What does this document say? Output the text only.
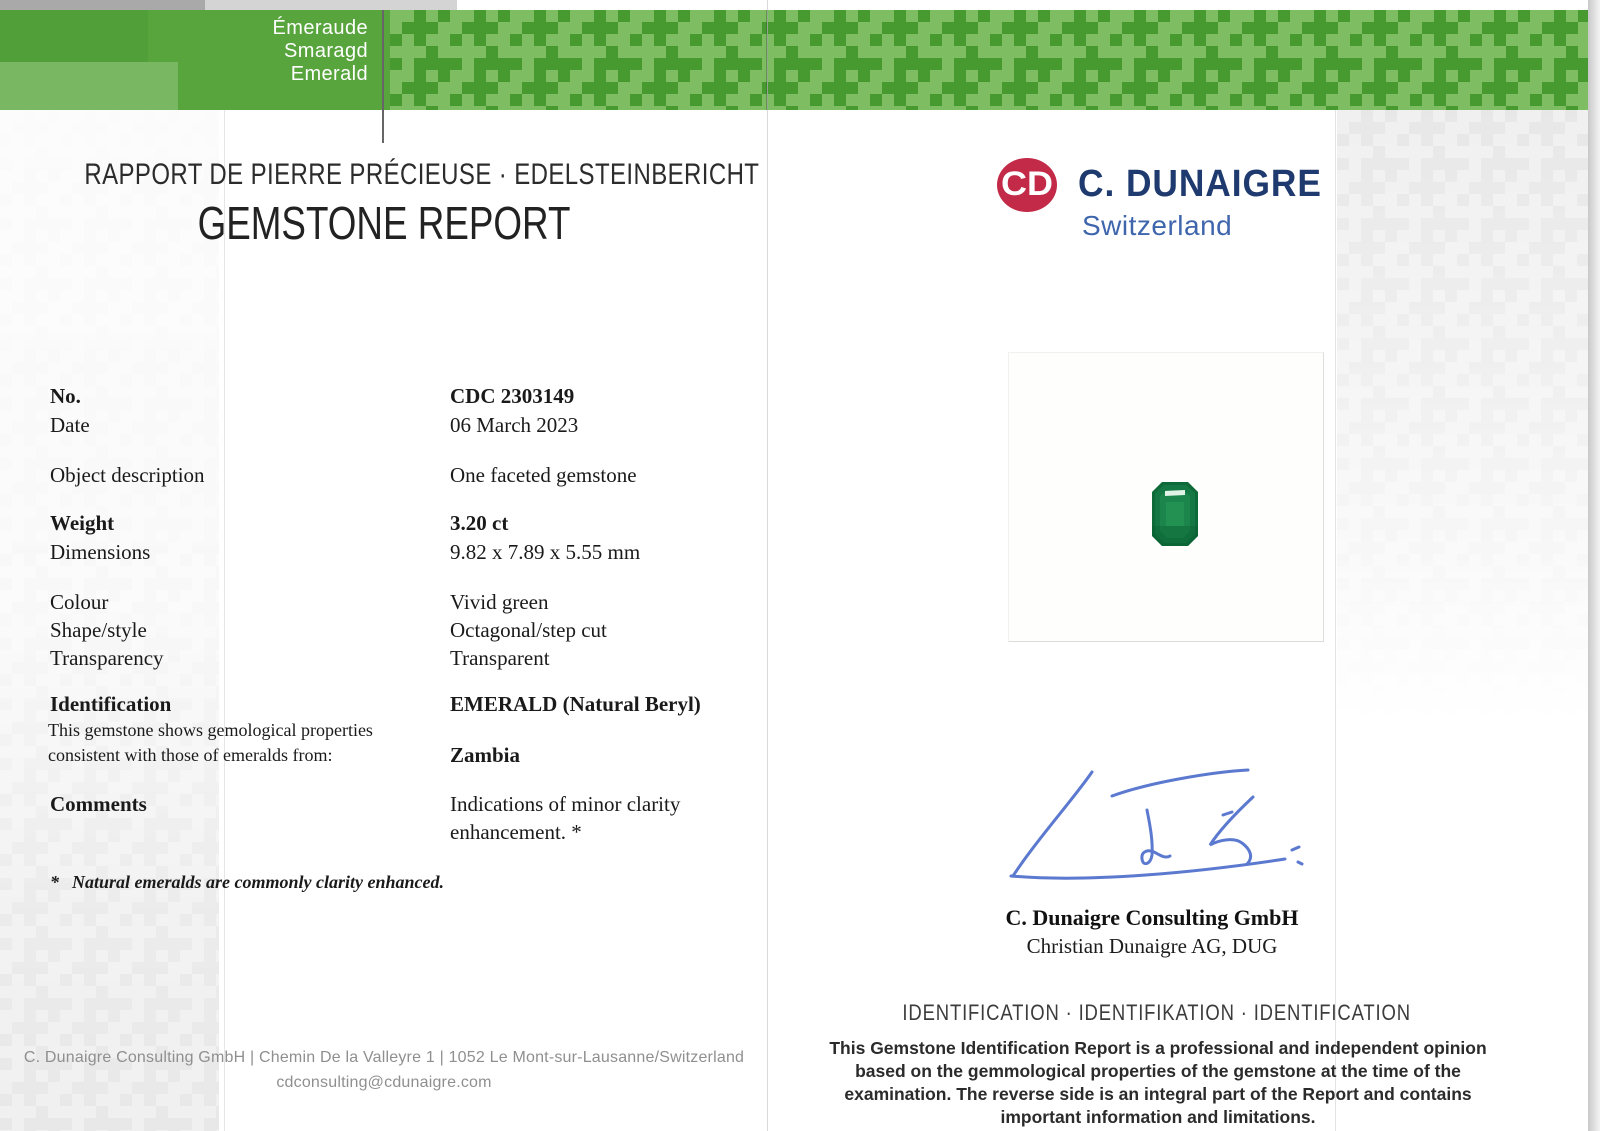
Émeraude
Smaragd
Emerald
RAPPORT DE PIERRE PRÉCIEUSE · EDELSTEINBERICHT
GEMSTONE REPORT
CD C. DUNAIGRE
Switzerland
No.	CDC 2303149
Date	06 March 2023
Object description	One faceted gemstone
Weight	3.20 ct
Dimensions	9.82 x 7.89 x 5.55 mm
Colour	Vivid green
Shape/style	Octagonal/step cut
Transparency	Transparent
Identification	EMERALD (Natural Beryl)
This gemstone shows gemological properties
consistent with those of emeralds from:	Zambia
Comments	Indications of minor clarity
enhancement. *
* Natural emeralds are commonly clarity enhanced.
C. Dunaigre Consulting GmbH
Christian Dunaigre AG, DUG
IDENTIFICATION · IDENTIFIKATION · IDENTIFICATION
This Gemstone Identification Report is a professional and independent opinion based on the gemmological properties of the gemstone at the time of the examination. The reverse side is an integral part of the Report and contains important information and limitations.
C. Dunaigre Consulting GmbH | Chemin De la Valleyre 1 | 1052 Le Mont-sur-Lausanne/Switzerland
cdconsulting@cdunaigre.com
